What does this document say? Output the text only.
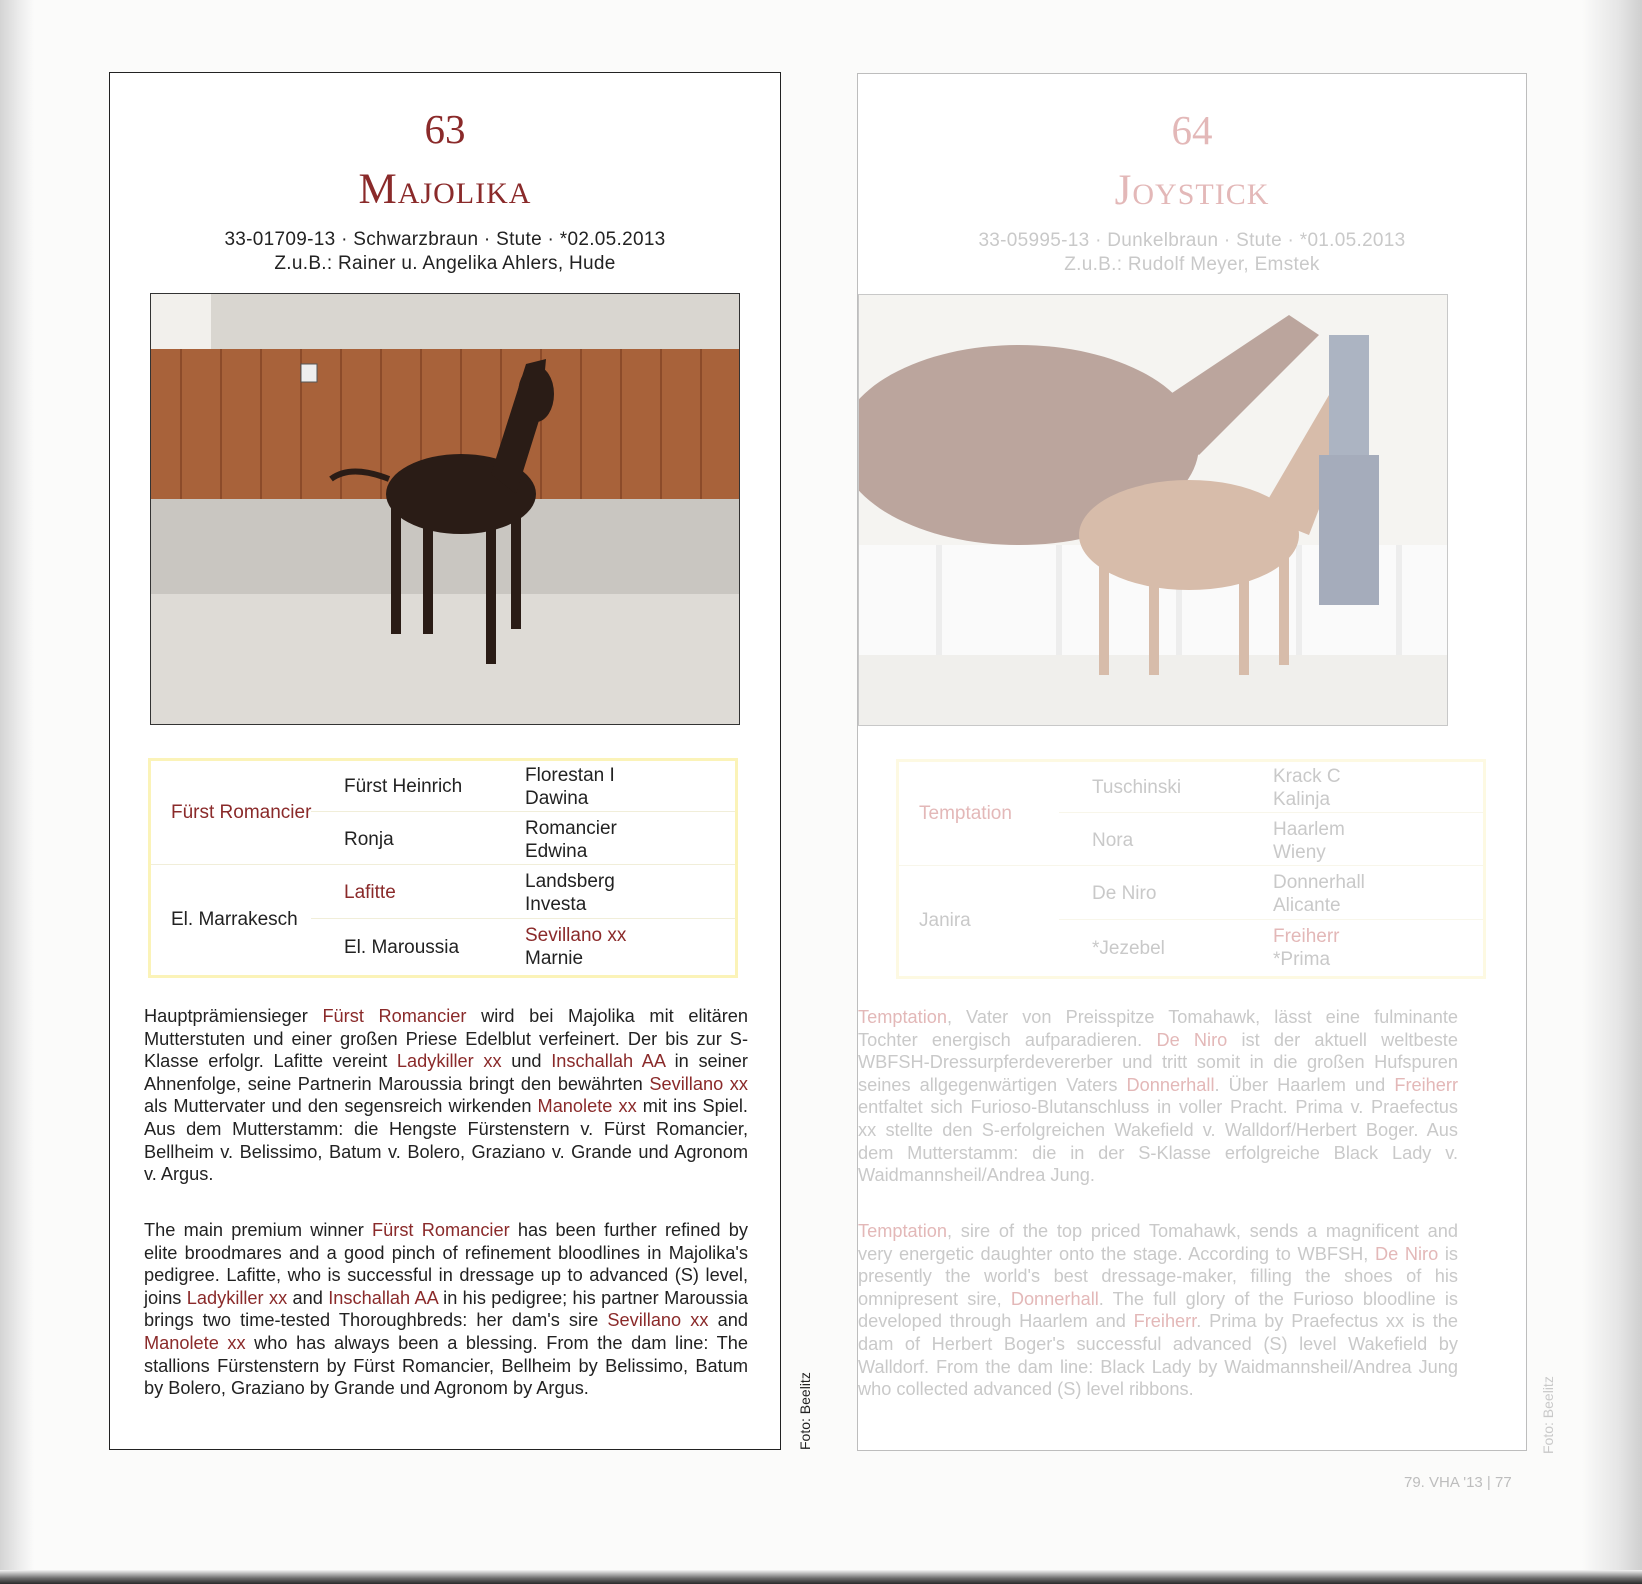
63
Majolika
33-01709-13 · Schwarzbraun · Stute · *02.05.2013
Z.u.B.: Rainer u. Angelika Ahlers, Hude
Fürst Romancier
El. Marrakesch
Fürst Heinrich
Ronja
Lafitte
El. Maroussia
Florestan I
Dawina
Romancier
Edwina
Landsberg
Investa
Sevillano xx
Marnie
Hauptprämiensieger Fürst Romancier wird bei Majolika mit elitären Mutterstuten und einer großen Priese Edelblut verfeinert. Der bis zur S-Klasse erfolgr. Lafitte vereint Ladykiller xx und Inschallah AA in seiner Ahnenfolge, seine Partnerin Maroussia bringt den bewährten Sevillano xx als Muttervater und den segensreich wirkenden Manolete xx mit ins Spiel. Aus dem Mutterstamm: die Hengste Fürstenstern v. Fürst Romancier, Bellheim v. Belissimo, Batum v. Bolero, Graziano v. Grande und Agronom v. Argus.
The main premium winner Fürst Romancier has been further refined by elite broodmares and a good pinch of refinement bloodlines in Majolika's pedigree. Lafitte, who is successful in dressage up to advanced (S) level, joins Ladykiller xx and Inschallah AA in his pedigree; his partner Maroussia brings two time-tested Thoroughbreds: her dam's sire Sevillano xx and Manolete xx who has always been a blessing. From the dam line: The stallions Fürstenstern by Fürst Romancier, Bellheim by Belissimo, Batum by Bolero, Graziano by Grande und Agronom by Argus.	Foto: Beelitz
64
Joystick
33-05995-13 · Dunkelbraun · Stute · *01.05.2013
Z.u.B.: Rudolf Meyer, Emstek
Temptation
Janira
Tuschinski
Nora
De Niro
*Jezebel
Krack C
Kalinja
Haarlem
Wieny
Donnerhall
Alicante
Freiherr
*Prima
Temptation, Vater von Preisspitze Tomahawk, lässt eine fulminante Tochter energisch aufparadieren. De Niro ist der aktuell weltbeste WBFSH-Dressurpferdevererber und tritt somit in die großen Hufspuren seines allgegenwärtigen Vaters Donnerhall. Über Haarlem und Freiherr entfaltet sich Furioso-Blutanschluss in voller Pracht. Prima v. Praefectus xx stellte den S-erfolgreichen Wakefield v. Walldorf/Herbert Boger. Aus dem Mutterstamm: die in der S-Klasse erfolgreiche Black Lady v. Waidmannsheil/Andrea Jung.
Temptation, sire of the top priced Tomahawk, sends a magnificent and very energetic daughter onto the stage. According to WBFSH, De Niro is presently the world's best dressage-maker, filling the shoes of his omnipresent sire, Donnerhall. The full glory of the Furioso bloodline is developed through Haarlem and Freiherr. Prima by Praefectus xx is the dam of Herbert Boger's successful advanced (S) level Wakefield by Walldorf. From the dam line: Black Lady by Waidmannsheil/Andrea Jung who collected advanced (S) level ribbons.	Foto: Beelitz
79. VHA '13 | 77
